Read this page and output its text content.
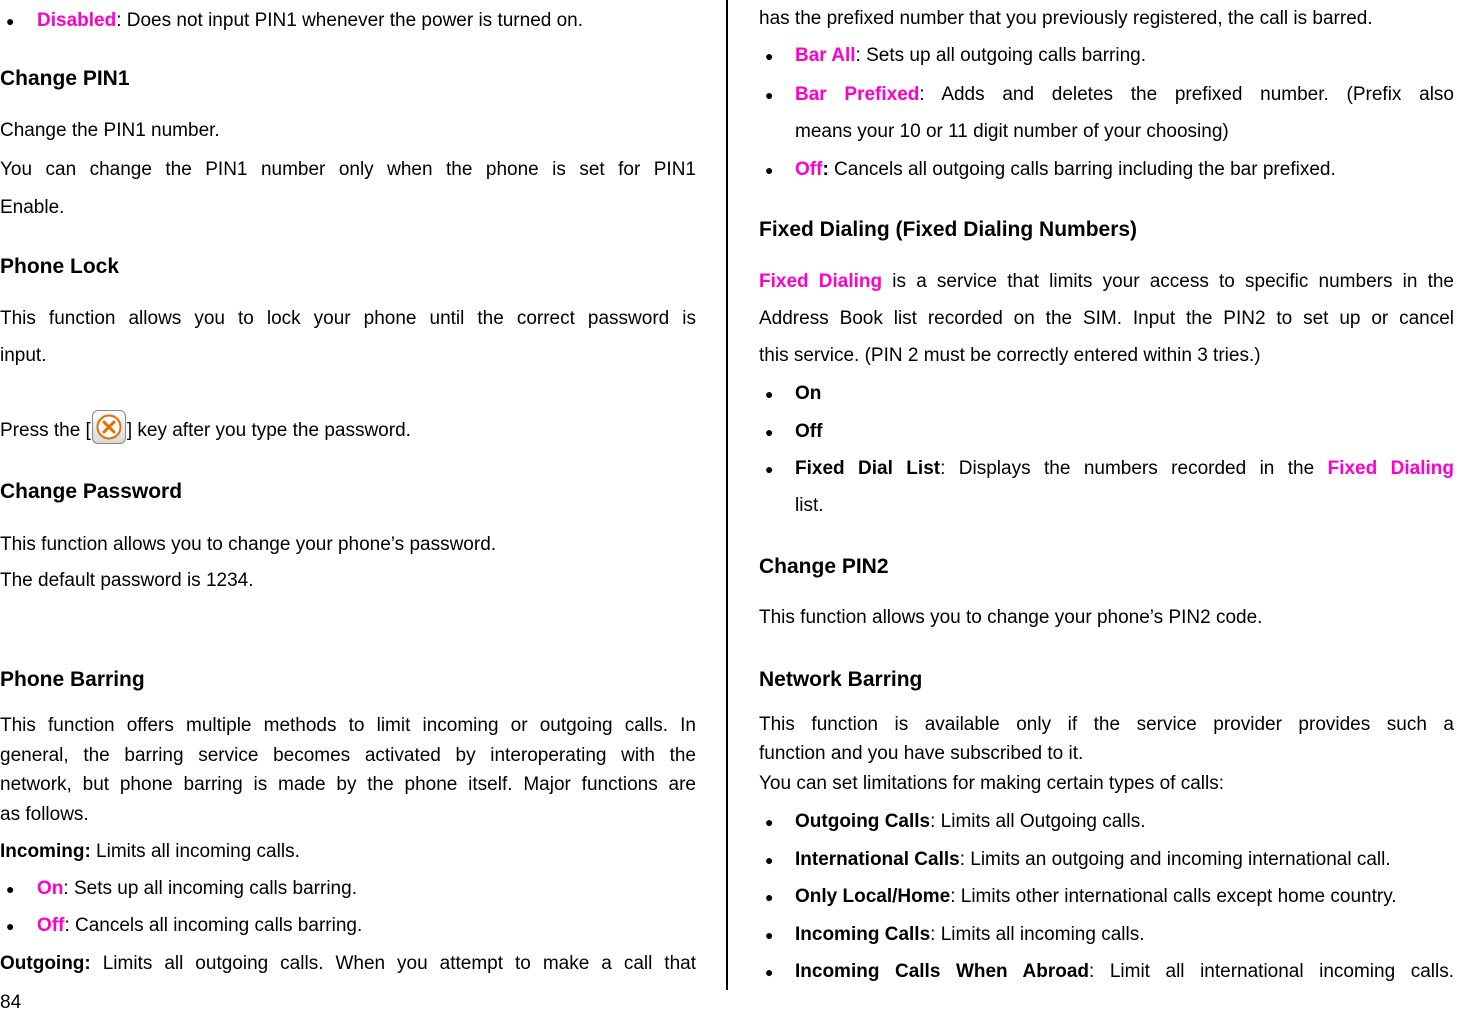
● Disabled: Does not input PIN1 whenever the power is turned on.
Change PIN1
Change the PIN1 number.
You can change the PIN1 number only when the phone is set for PIN1
Enable.
Phone Lock
This function allows you to lock your phone until the correct password is
input.
Press the [ ] key after you type the password.
Change Password
This function allows you to change your phone’s password.
The default password is 1234.
Phone Barring
This function offers multiple methods to limit incoming or outgoing calls. In
general, the barring service becomes activated by interoperating with the
network, but phone barring is made by the phone itself. Major functions are
as follows.
Incoming: Limits all incoming calls.
● On: Sets up all incoming calls barring.
● Off: Cancels all incoming calls barring.
Outgoing: Limits all outgoing calls. When you attempt to make a call that
84
has the prefixed number that you previously registered, the call is barred.
● Bar All: Sets up all outgoing calls barring.
● Bar Prefixed: Adds and deletes the prefixed number. (Prefix also
means your 10 or 11 digit number of your choosing)
● Off: Cancels all outgoing calls barring including the bar prefixed.
Fixed Dialing (Fixed Dialing Numbers)
Fixed Dialing is a service that limits your access to specific numbers in the
Address Book list recorded on the SIM. Input the PIN2 to set up or cancel
this service. (PIN 2 must be correctly entered within 3 tries.)
● On
● Off
● Fixed Dial List: Displays the numbers recorded in the Fixed Dialing
list.
Change PIN2
This function allows you to change your phone’s PIN2 code.
Network Barring
This function is available only if the service provider provides such a
function and you have subscribed to it.
You can set limitations for making certain types of calls:
● Outgoing Calls: Limits all Outgoing calls.
● International Calls: Limits an outgoing and incoming international call.
● Only Local/Home: Limits other international calls except home country.
● Incoming Calls: Limits all incoming calls.
● Incoming Calls When Abroad: Limit all international incoming calls.
